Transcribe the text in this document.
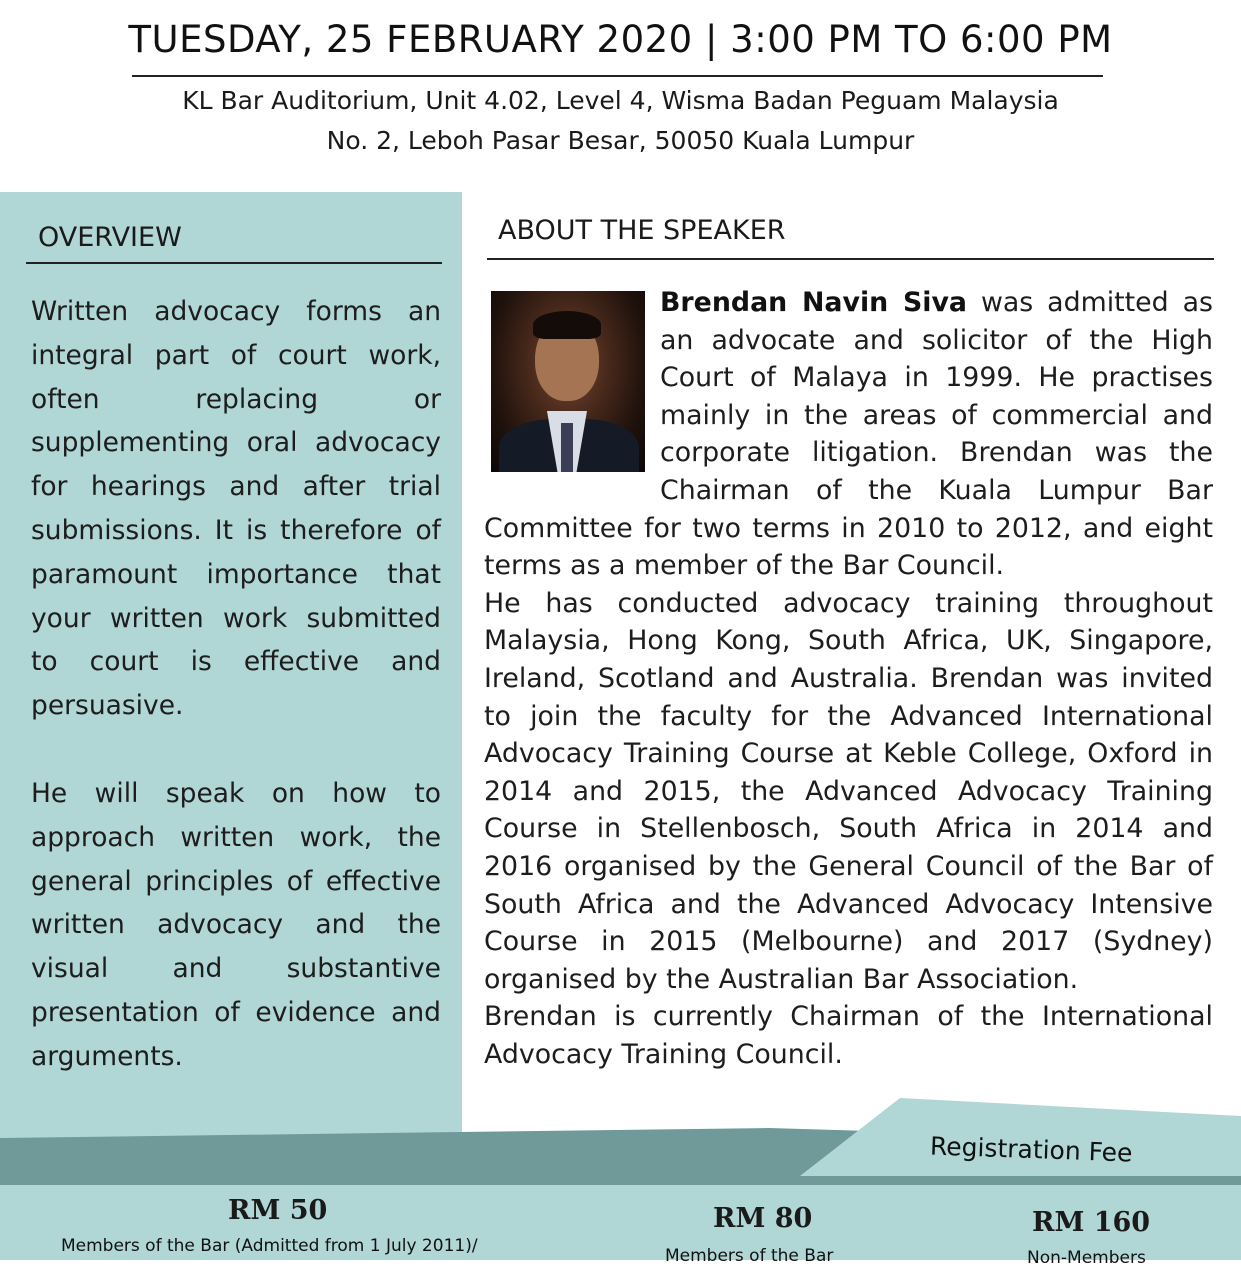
TUESDAY, 25 FEBRUARY 2020 | 3:00 PM TO 6:00 PM
KL Bar Auditorium, Unit 4.02, Level 4, Wisma Badan Peguam Malaysia
No. 2, Leboh Pasar Besar, 50050 Kuala Lumpur
OVERVIEW

Written advocacy forms an integral part of court work, often replacing or supplementing oral advocacy for hearings and after trial submissions. It is therefore of paramount importance that your written work submitted to court is effective and persuasive.

He will speak on how to approach written work, the general principles of effective written advocacy and the visual and substantive presentation of evidence and arguments.

ABOUT THE SPEAKER

Brendan Navin Siva was admitted as an advocate and solicitor of the High Court of Malaya in 1999. He practises mainly in the areas of commercial and corporate litigation. Brendan was the Chairman of the Kuala Lumpur Bar Committee for two terms in 2010 to 2012, and eight terms as a member of the Bar Council.

He has conducted advocacy training throughout Malaysia, Hong Kong, South Africa, UK, Singapore, Ireland, Scotland and Australia. Brendan was invited to join the faculty for the Advanced International Advocacy Training Course at Keble College, Oxford in 2014 and 2015, the Advanced Advocacy Training Course in Stellenbosch, South Africa in 2014 and 2016 organised by the General Council of the Bar of South Africa and the Advanced Advocacy Intensive Course in 2015 (Melbourne) and 2017 (Sydney) organised by the Australian Bar Association.

Brendan is currently Chairman of the International Advocacy Training Council.

Registration Fee
RM 50
Members of the Bar (Admitted from 1 July 2011)/
RM 80
Members of the Bar
RM 160
Non-Members
